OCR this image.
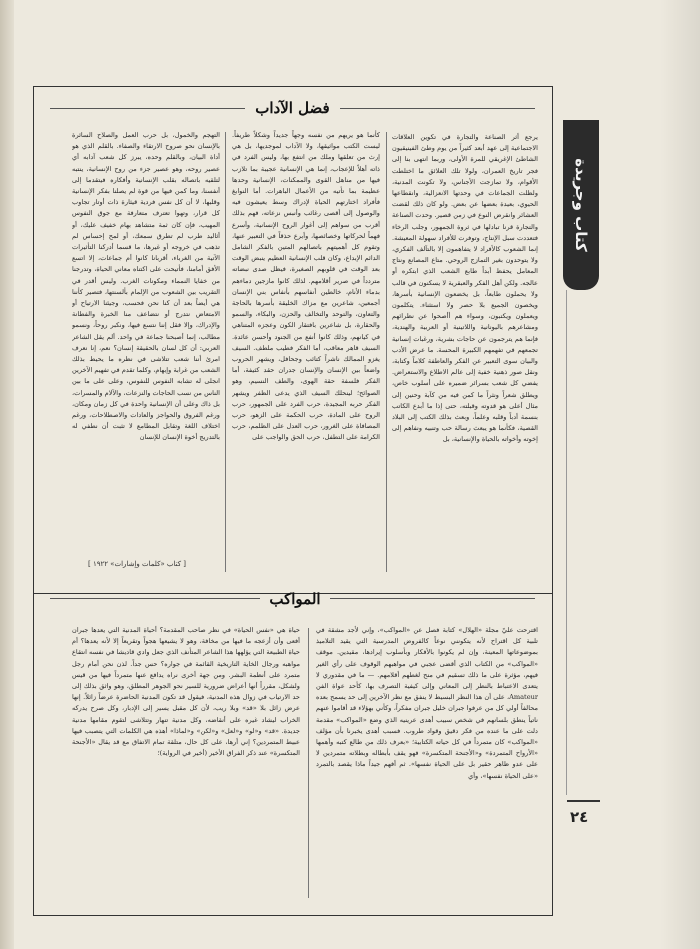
كتاب وجريدة
٢٤
فضل الآداب
يرجع أثر الصناعة والتجارة في تكوين العلاقات الاجتماعية إلى عهد أبعد كثيراً من يوم وطئ الفينيقيون الشاطئ الإغريقي للمرة الأولى، وربما انتهى بنا إلى فجر تاريخ العمران، ولولا تلك العلائق ما اختلطت الأقوام، ولا تمازجت الأجناس، ولا تكونت المدنية، ولظلت الجماعات في وحدتها الانعزالية، وانقطاعها الحيوي، بعيدة بعضها عن بعض. ولو كان ذلك لقضت العشائر وانقرض النوع في زمن قصير. وحدت الصناعة والتجارة قرنا تبادلها في ثروة الجمهور، وجلب الرخاء فتعددت سبل الإنتاج، وتوفرت للأفراد سهولة المعيشة. إنما الشعوب كالأفراد لا يتفاهمون إلا بالتآلف الفكري، ولا يتوحدون بغير التمازج الروحي. متاع المصانع ونتاج المعامل يحفظ أبداً طابع الشعب الذي ابتكره أو عالجه. ولكن أهل الفكر والعبقرية لا يسكنون في قالب ولا يحملون طابعاً، بل يخضعون الإنسانية بأسرها، ويخصون الجميع بلا حصر ولا استثناء. يتكلمون ويعملون ويكتبون، وسواء هم أأصحوا عن نظرائهم ومشاعرهم باليونانية واللاتينية أو العربية والهندية، فإنما هم يترجمون عن حاجات بشرية، ورغبات إنسانية تجمعهم في تفهمهم الكبيرة المحسة. ما عرض الأدب والبيان سوى التعبير عن الفكر والعاطفة كلاماً وكتابة، ونقل صور ذهنية خفية إلى عالم الاطلاع والاستعراض. يفضي كل شعب بسرائر ضميره على أسلوب خاص، ويطلق شعراً ونثراً ما كمن فيه من كآبة وحنين إلى مثال أعلى هو قدوته وقبلته، حتى إذا ما أبدع الكاتب بنسمة أدباً وقلبه وعلماً، وبعث بذلك الكتب إلى البلاد القصية، فكأنما هو يبعث رسالة حب وتنبيه ونفاهم إلى إخوته وأخواته بالحياة والإنسانية، بل
كأنما هو يريهم من نفسه وجهاً جديداً وشكلاً طريفاً. ليست الكتب مواثيقها، ولا الآداب لموجديها، بل هي إرث من تعلقها وملك من انتفع بها، وليس الفرد في ذاته أهلاً للإعجاب، إنما هي الإنسانية عجيبة بما تلازب فيها من مناهل القوى والممكنات، الإنسانية وحدها عظيمة بما تأتيه من الأعمال الباهرات. أما النوابغ فأفراد اختارتهم الحياة لإدراك وسط يعيشون فيه والوصول إلى أقصى رغائب وأنبس نزعاته، فهم بذلك أقرب من سواهم إلى أغوار الروح الإنسانية، وأسرع فهماً لحركاتها وخصائصها، وأبرع حذقاً في التعبير عنها، وتقوم كل أهميتهم باتصالهم المتين بالفكر الشامل الدائم الإبداع، وكان قلب الإنسانية العظيم ينبض الوقت بعد الوقت في قلوبهم الصغيرة، فيظل صدى نبضاته متردداً في صرير أقلامهم. لذلك كانوا مازجين دماءهم بدماء الأنام، خالطين أنفاسهم بأنفاس بني الإنسان أجمعين، شاعرين مع مزاك الخليقة بأسرها بالحاجة والتعاون، والتوحد والتخالف والحزن، والبكاء، والسمو والحقارة، بل شاعرين بافتقار الكون وعجزه المتناهي في كيانهم، وذلك كانوا أنفع من الجنود وأحسن عائدة. السيف قاهر معاقب، أما الفكر فطيب ملطف. السيف يغزو الممالك ناشراً كتائب وجحافل، ويشهر الحروب واضعاً بين الإنسان والإنسان جدران حقد كثيفة، أما الفكر فلسفة حقة الهوى، والطف النسيم، وهو الصوائح؛ لينحلك السيف الذي يدعى الظفر ويشهر الفكر حربه المجيدة، حرب الفرد على الجمهور، حرب الروح على المادة، حرب الحكمة على الزهو، حرب المصافاة على الغرور، حرب العدل على الظلمم، حرب الكرامة على التطفل، حرب الحق والواجب على
التهجم والخمول، بل حرب العمل والصلاح السائرة بالإنسان نحو صروح الارتقاء والصفاء. بالقلم الذي هو أداة البيان، وبالقلم وحده، يبرز كل شعب آدابه أي عصير روحه، وهو عصير جزء من روح الإنسانية، ينتبه لتلقيه باتصاله بقلب الإنسانية وأفكاره فيتقدما إلى أنفسنا، وما كمن فيها من قوة لم يصلنا بفكر الإنسانية وقلبها، لا أن كل نفس فردية قيثارة ذات أوتار تجاوب كل قرار، وتهوا تعترف متعارفة مع جوق النفوس المهيب، فإن كان ثمة متشاهد بهام خفيف عليك، أو أثاليد طرب لم تطرق سمعك، أو لمح إحساس لم تذهب في خروجه أو غيرها، ما قسما أدركنا التأثيرات الآتية من الغرباء، أقربانا كانوا أم جماعات، إلا اتسع الأفق أمامنا، فأتيحت على اكتناه معاني الحياة، وتدرجنا من خفايا النمماء ومكونات الغرب. وليس أقدر في التقريب بين الشعوب من الإلمام بألسنتها، فتصير كأننا هي أيضاً بعد أن كنا نحن فحسب، وجيئنا الارتياح أو الامتعاض نتدرج أو نتضاعف منا الخبرة والفطانة والإدراك، وإلا فقل إننا نتسع فيها، ونكبر روحاً، ونسمو مطالب، إنما أصبحنا جماعة في واحد. ألم يقل الشاعر العربي: أن كل لسان بالحقيقة إنسان؟ نعم، إنا نعرف امرئ أننا شعب تتلاشى في نظره ما يحيط بذلك الشعب من غرابة وإبهام، وكلما تقدم في تفهيم الآخرين انجلى له تشابه النفوس للنفوس، وعلى على ما بين الناس من نسب الحاجات والنزعات، والآلام والمسرات، بل ذاك وعلى أن الإنسانية واحدة في كل زمان ومكان، ورغم الفروق والحواجز والعادات والاصطلاحات، ورغم اختلاف اللغة وتقابل المطامع لا تثبت أن نطفي له بالتدريج أخوة الإنسان للإنسان
[ كتاب «كلمات وإشارات» ١٩٢٢ ]
المواكب
اقترحت عليّ مجلة «الهلال» كتابة فصل عن «المواكب»، وإني لأجد مشقة في تلبية كل اقتراح لأنه يتكونني نوعاً كالفروض المدرسية التي يقيد التلاميذ بموضوعاتها المعينة، وإن لم يكونوا بالأفكار وبأسلوب إيرادها، مقيدين. موقف «المواكب» من الكتاب الذي أقضى عجبي في مواهبهم الوقوف على رأي الغير فيهم، مؤثرة على ما ذلك تسقيم في منح لغطهم أقلامهم. — ما في مقدوري لا يتعدى الاعتباط بالنظر إلى المعاني وإلى كيفية التصرف بها، كأحد عواة الفن Amateur، على أن هذا النظر البسيط لا ينفق مع نظر الآخرين إلى حد يسمح بعده محالفاً أولي كل من عرفوا جبران خليل جبران مفكراً، وكأني بهؤلاء قد أقاموا عنهم ناتياً ينطق بلسانهم في شخص سبيب أهدى عرينيه الذي وضع «المواكب» مقدمة دلت على ما عنده من فكر دقيق وقواد طروب. فسبب أهدى يخبرنا بأن مؤلف «المواكب» كان متمرداً في كل حياته الكتابية؛ «بعرف ذلك من طالع كتبه وأهمها «الأرواح المتمردة» و«الأجنحة المتكسرة» فهو يقف بأبطاله وبطلاته متمردين لا على عدو ظاهر حقير بل على الحياة نفسها». ثم أفهم جيداً ماذا يقصد بالتمرد «على الحياة نفسها»، وأي
حياة هي «نفس الحياة» في نظر صاحب المقدمة؟ أحياة المدنية التي يعدها جبران أفعى وأن أزعجه ما فيها من مخافة، وهو لا يشيعها هجواً وتقريعاً إلا لأنه يعدها؟ أم حياة الطبيعة التي يؤلهها هذا الشاعر المتأنف الذي جعل وادي قاديشا في نفسه انتقاع مواهبه ورجال الخاية التاريخية القائمة في جواره؟ حس جداً. لذن نحن أمام رجل متمرد على أنظمة البشر. ومن جهة أخرى نراه يدافع عنها متمرداً فيها من قيس ولشكل، مقرراً أنها أعراض ضرورية للسير نحو الجوهر المطلق، وهو واثق بذلك إلى حد الارتياب في زوال هذه المدنية، فيقول قد تكون المدنية الحاضرة عرضاً زائلاً. إنها عرض زائل بلا «قد» وبلا ريب، لأن كل مقبل يسير إلى الإدبار، وكل صرح يدركه الخراب ليشاد غيره على أنقاضه، وكل مدنية تنهار وتتلاشى لتقوم مقامها مدنية جديدة. «قد» و«لو» و«لعل» و«لكن» و«لماذا» أهذه هي الكلمات التي يتصبب فيها عبيط المتمردين؟ إني أرها، على كل حال، متلقة تمام الاتفاق مع قد يقال «الأجنحة المتكسرة» عند ذكر الفراق الأخير (أخير في الرواية)؛
